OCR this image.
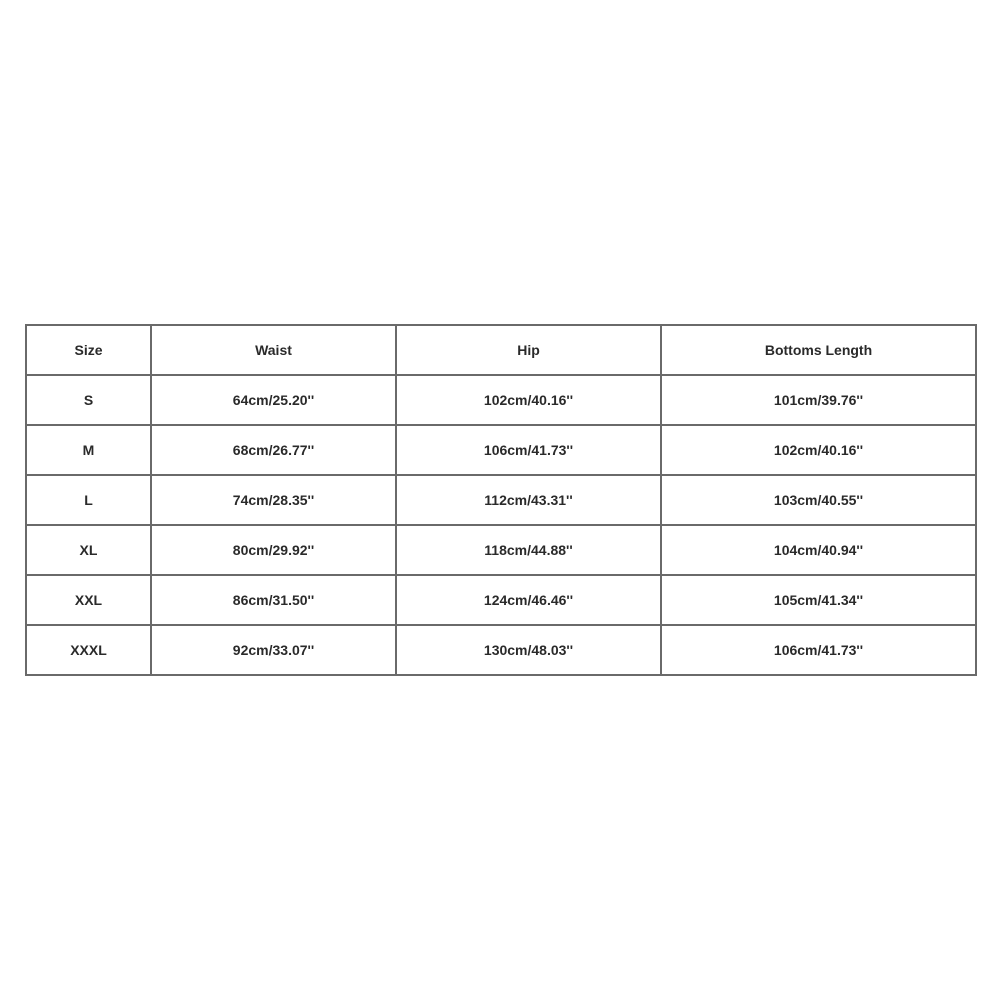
Size	Waist	Hip	Bottoms Length
S	64cm/25.20''	102cm/40.16''	101cm/39.76''
M	68cm/26.77''	106cm/41.73''	102cm/40.16''
L	74cm/28.35''	112cm/43.31''	103cm/40.55''
XL	80cm/29.92''	118cm/44.88''	104cm/40.94''
XXL	86cm/31.50''	124cm/46.46''	105cm/41.34''
XXXL	92cm/33.07''	130cm/48.03''	106cm/41.73''
